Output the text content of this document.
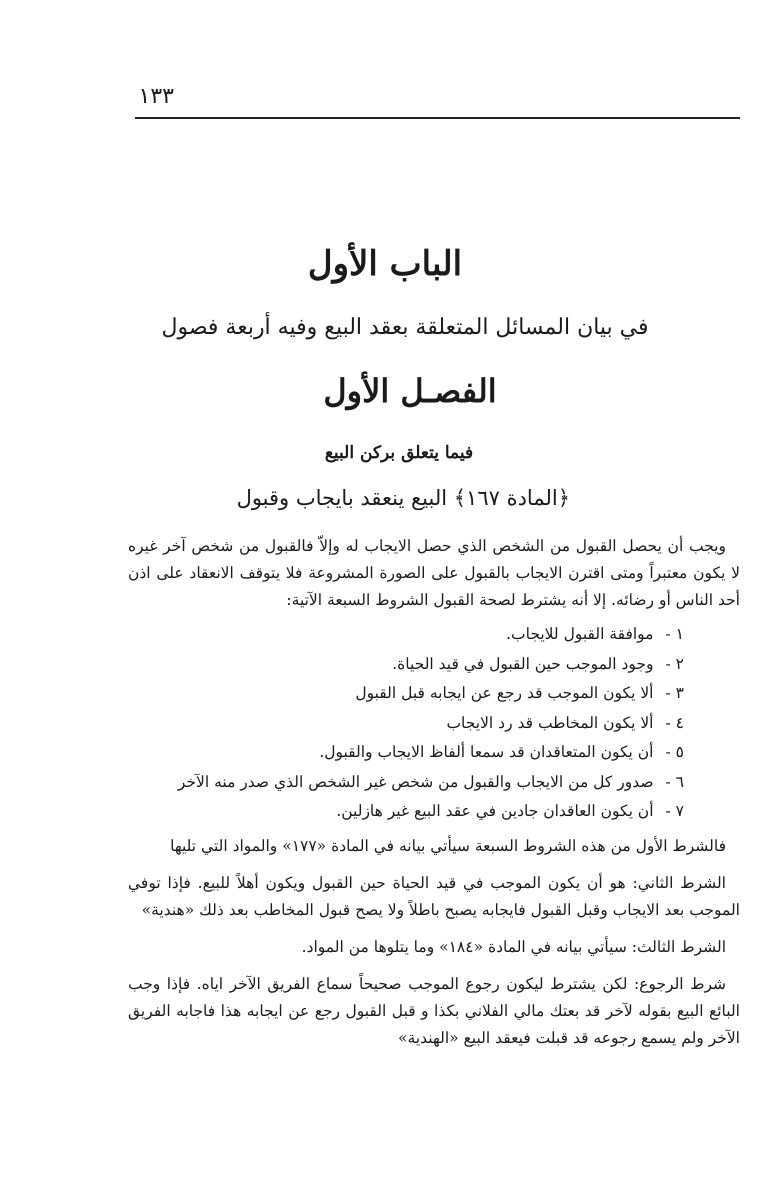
١٣٣
الباب الأول
في بيان المسائل المتعلقة بعقد البيع وفيه أربعة فصول
الفصـل الأول
فيما يتعلق بركن البيع
﴿المادة ١٦٧﴾ البيع ينعقد بايجاب وقبول

ويجب أن يحصل القبول من الشخص الذي حصل الايجاب له وإلاّ فالقبول من شخص آخر غيره لا يكون معتبراً ومتى اقترن الايجاب بالقبول على الصورة المشروعة فلا يتوقف الانعقاد على اذن أحد الناس أو رضائه. إلا أنه يشترط لصحة القبول الشروط السبعة الآتية:

١ -موافقة القبول للايجاب.
٢ -وجود الموجب حين القبول في قيد الحياة.
٣ -ألا يكون الموجب قد رجع عن ايجابه قبل القبول
٤ -ألا يكون المخاطب قد رد الايجاب
٥ -أن يكون المتعاقدان قد سمعا ألفاظ الايجاب والقبول.
٦ -صدور كل من الايجاب والقبول من شخص غير الشخص الذي صدر منه الآخر
٧ -أن يكون العاقدان جادين في عقد البيع غير هازلين.

فالشرط الأول من هذه الشروط السبعة سيأتي بيانه في المادة «١٧٧» والمواد التي تليها

الشرط الثاني: هو أن يكون الموجب في قيد الحياة حين القبول ويكون أهلاً للبيع. فإذا توفي الموجب بعد الايجاب وقبل القبول فايجابه يصبح باطلاً ولا يصح قبول المخاطب بعد ذلك «هندية»

الشرط الثالث: سيأتي بيانه في المادة «١٨٤» وما يتلوها من المواد.

شرط الرجوع: لكن يشترط ليكون رجوع الموجب صحيحاً سماع الفريق الآخر اياه. فإذا وجب البائع البيع بقوله لآخر قد بعتك مالي الفلاني بكذا و قبل القبول رجع عن ايجابه هذا فاجابه الفريق الآخر ولم يسمع رجوعه قد قبلت فيعقد البيع «الهندية»
